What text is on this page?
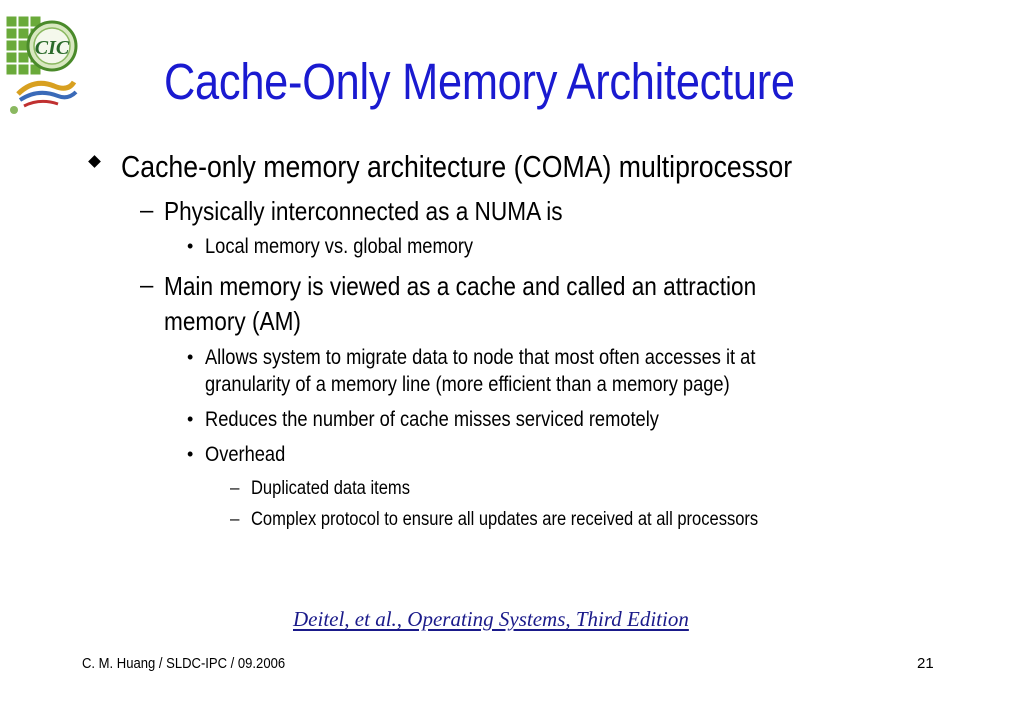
CIC
Cache-Only Memory Architecture
Cache-only memory architecture (COMA) multiprocessor
– Physically interconnected as a NUMA is
• Local memory vs. global memory
– Main memory is viewed as a cache and called an attraction
memory (AM)
• Allows system to migrate data to node that most often accesses it at
granularity of a memory line (more efficient than a memory page)
• Reduces the number of cache misses serviced remotely
• Overhead
– Duplicated data items
– Complex protocol to ensure all updates are received at all processors
Deitel, et al., Operating Systems, Third Edition
C. M. Huang / SLDC-IPC / 09.2006	21
